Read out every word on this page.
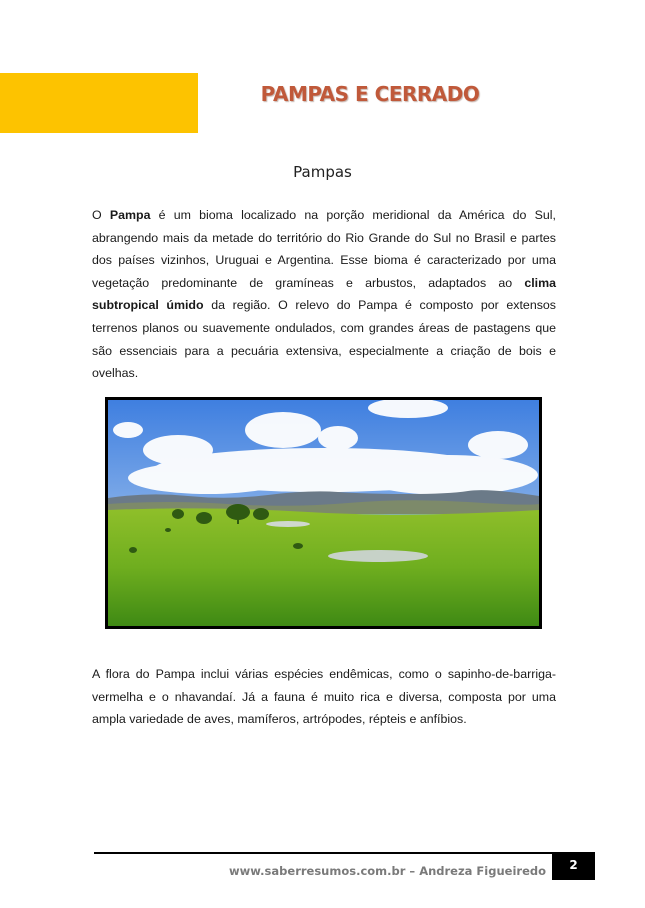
PAMPAS E CERRADO
Pampas

O Pampa é um bioma localizado na porção meridional da América do Sul, abrangendo mais da metade do território do Rio Grande do Sul no Brasil e partes dos países vizinhos, Uruguai e Argentina. Esse bioma é caracterizado por uma vegetação predominante de gramíneas e arbustos, adaptados ao clima subtropical úmido da região. O relevo do Pampa é composto por extensos terrenos planos ou suavemente ondulados, com grandes áreas de pastagens que são essenciais para a pecuária extensiva, especialmente a criação de bois e ovelhas.

A flora do Pampa inclui várias espécies endêmicas, como o sapinho-de-barriga-vermelha e o nhavandaí. Já a fauna é muito rica e diversa, composta por uma ampla variedade de aves, mamíferos, artrópodes, répteis e anfíbios.

www.saberresumos.com.br – Andreza Figueiredo	2
